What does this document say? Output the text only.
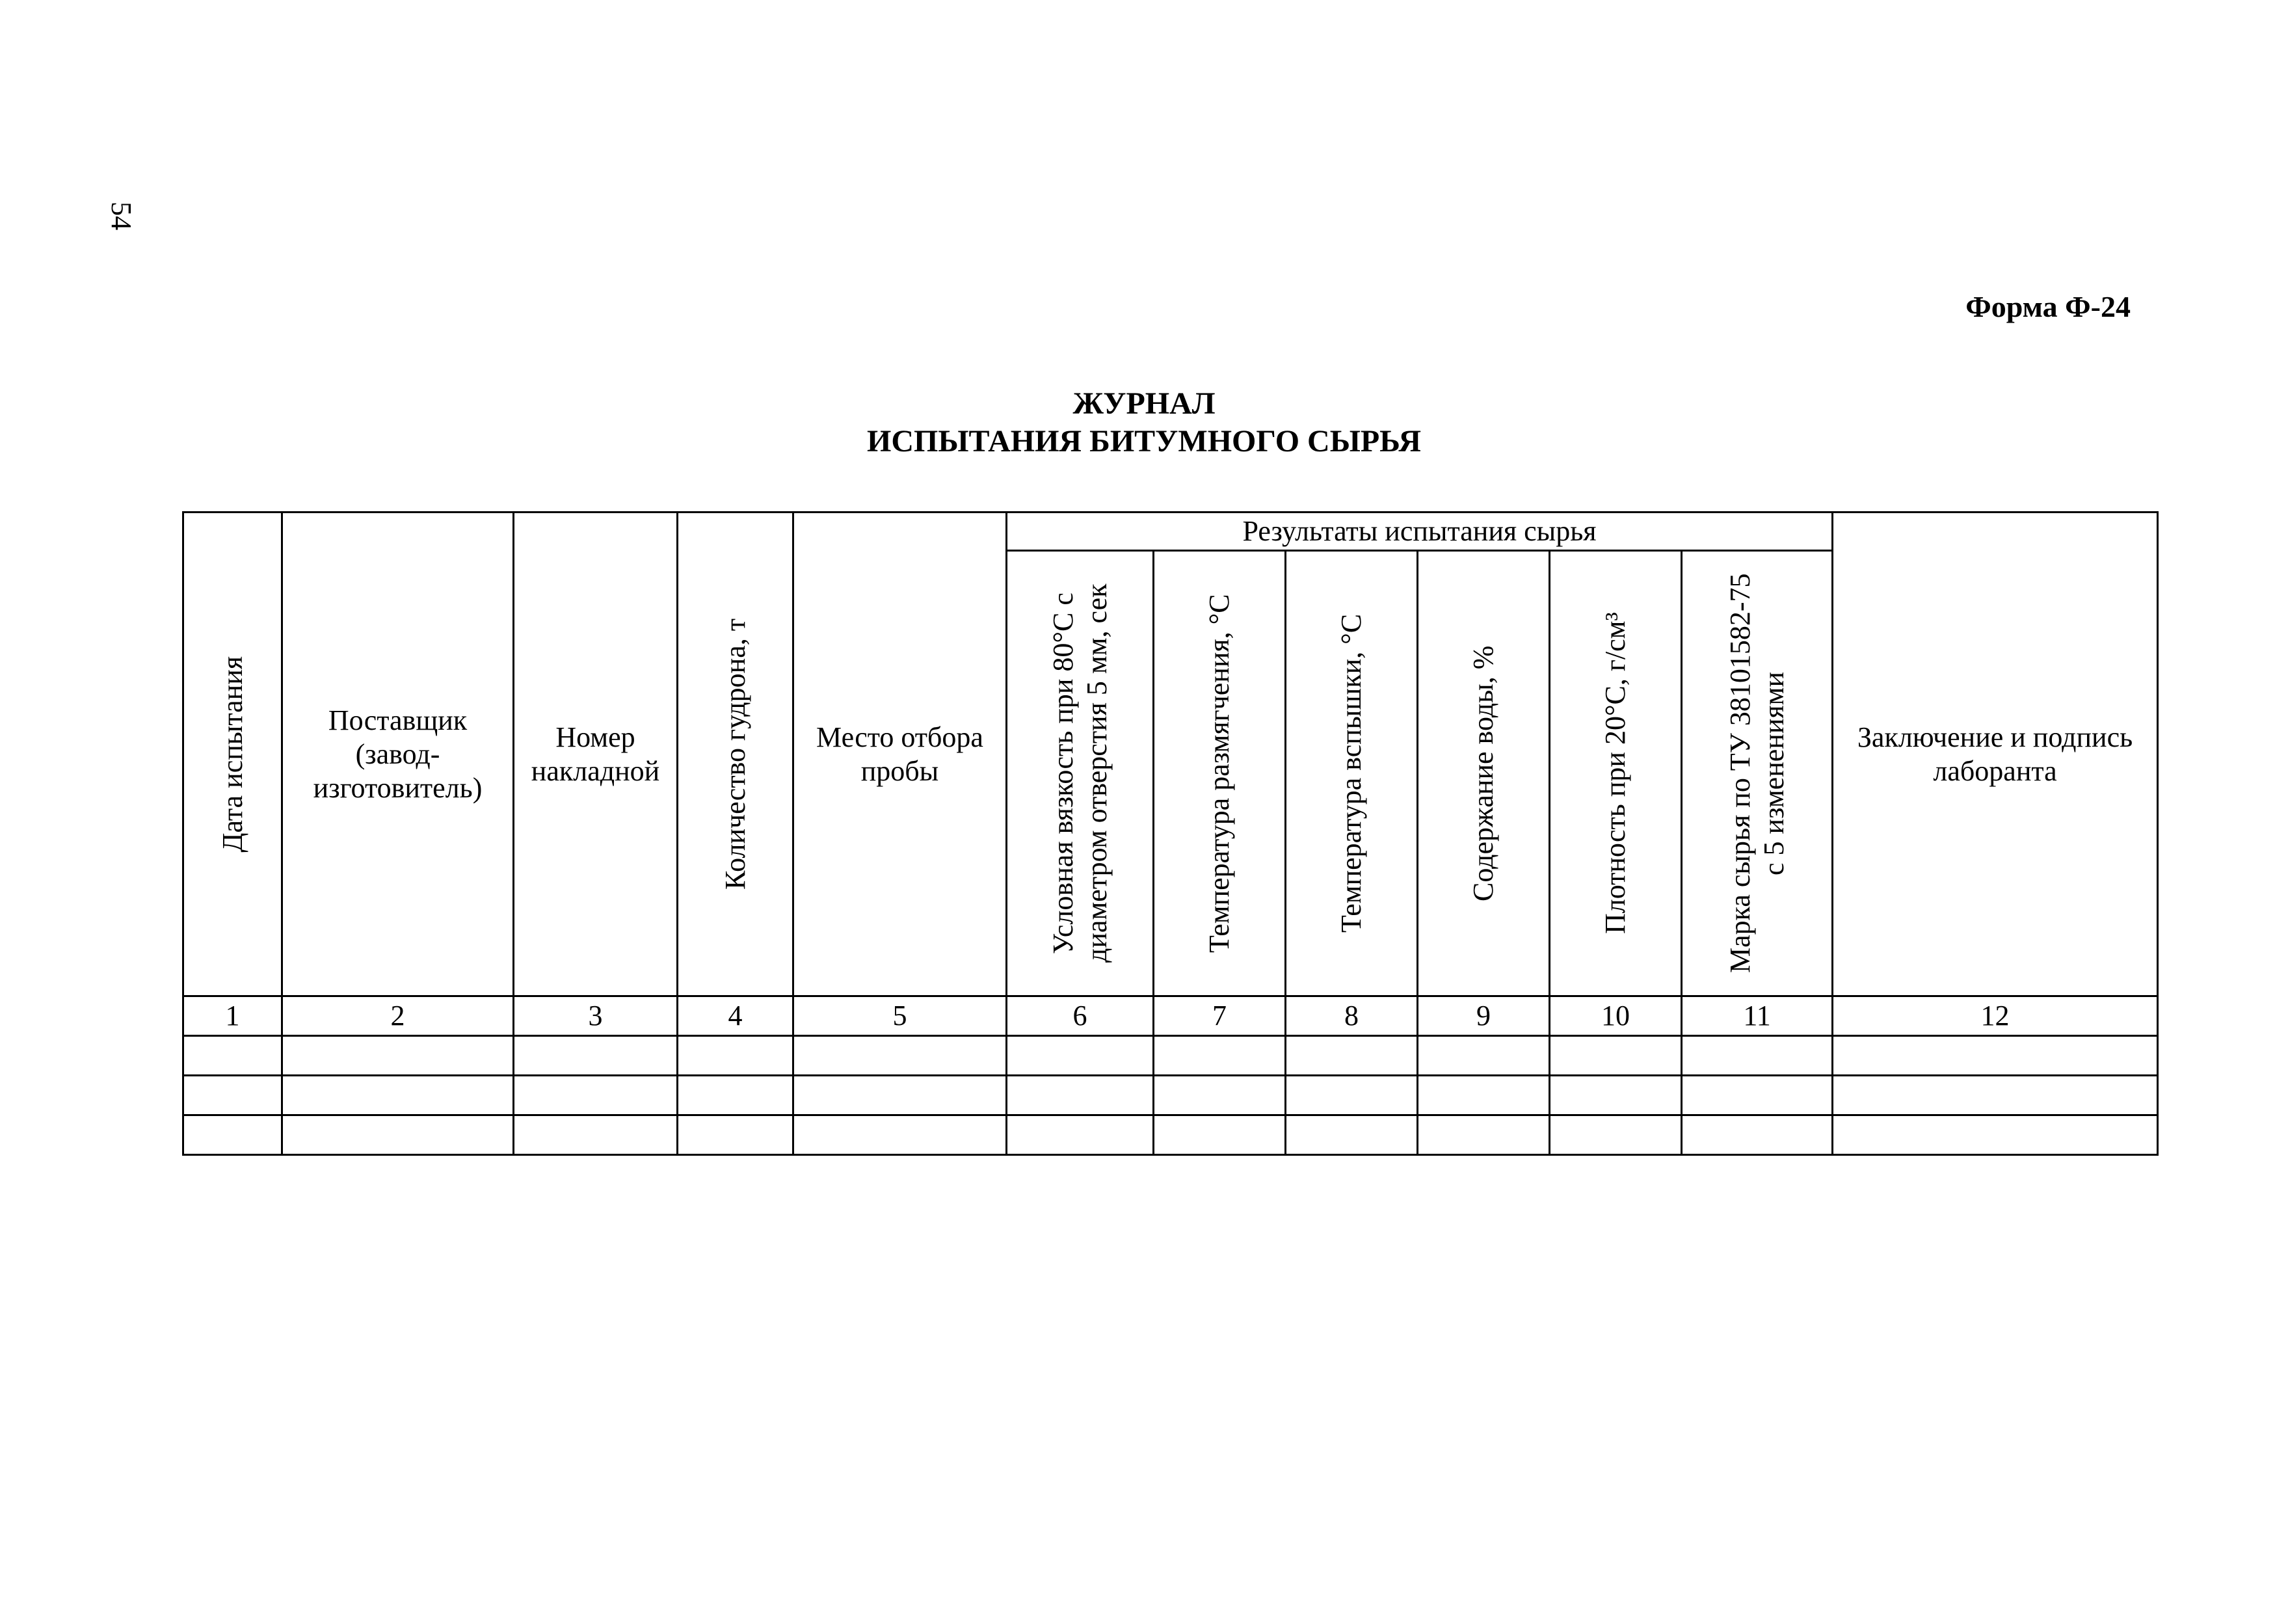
54
Форма Ф-24
ЖУРНАЛ
ИСПЫТАНИЯ БИТУМНОГО СЫРЬЯ
Дата испытания	Поставщик (завод-изготовитель)	Номер накладной	Количество гудрона, т	Место отбора пробы	Результаты испытания сырья						Заключение и подпись лаборанта

					Условная вязкость при 80°С с диаметром отверстия 5 мм, сек	Температура размягчения, °С	Температура вспышки, °С	Содержание воды, %	Плотность при 20°С, г/см³	Марка сырья по ТУ 38101582-75 с 5 изменениями	

1	2	3	4	5	6	7	8	9	10	11	12
